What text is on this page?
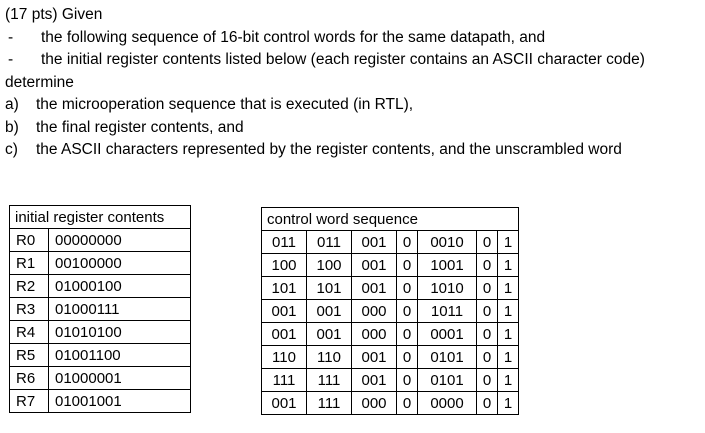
(17 pts) Given
- the following sequence of 16-bit control words for the same datapath, and
- the initial register contents listed below (each register contains an ASCII character code)
determine
a) the microoperation sequence that is executed (in RTL),
b) the final register contents, and
c) the ASCII characters represented by the register contents, and the unscrambled word
initial register contents	
R0	00000000
R1	00100000
R2	01000100
R3	01000111
R4	01010100
R5	01001100
R6	01000001
R7	01001001
control word sequence						
011	011	001	0	0010	0	1
100	100	001	0	1001	0	1
101	101	001	0	1010	0	1
001	001	000	0	1011	0	1
001	001	000	0	0001	0	1
110	110	001	0	0101	0	1
111	111	001	0	0101	0	1
001	111	000	0	0000	0	1
